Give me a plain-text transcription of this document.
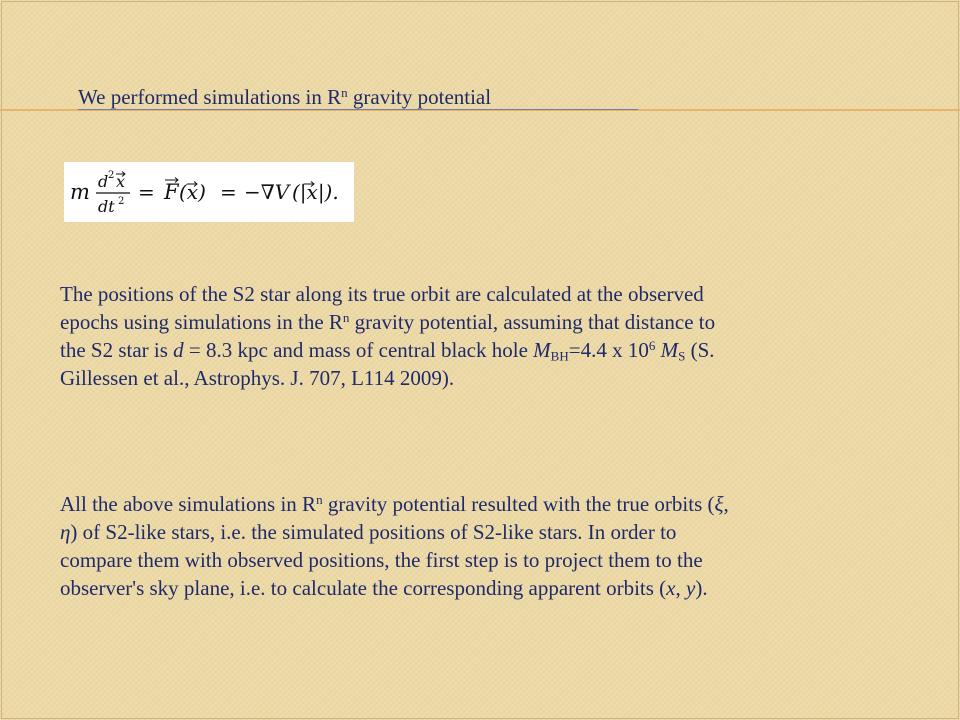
We performed simulations in $R^n$ gravity potential
m d 2 x
dt 2 = F (x) = −∇V (|x|).
The positions of the S2 star along its true orbit are calculated at the observed
epochs using simulations in the $R^n$ gravity potential, assuming that distance to
the S2 star is d = 8.3 kpc and mass of central black hole $M_{BH}=4.4$ x $10^6$ $M_S$ (S.
Gillessen et al., Astrophys. J. 707, L114 2009).
All the above simulations in $R^n$ gravity potential resulted with the true orbits (ξ,
η) of S2-like stars, i.e. the simulated positions of S2-like stars. In order to
compare them with observed positions, the first step is to project them to the
observer's sky plane, i.e. to calculate the corresponding apparent orbits (x, y).
